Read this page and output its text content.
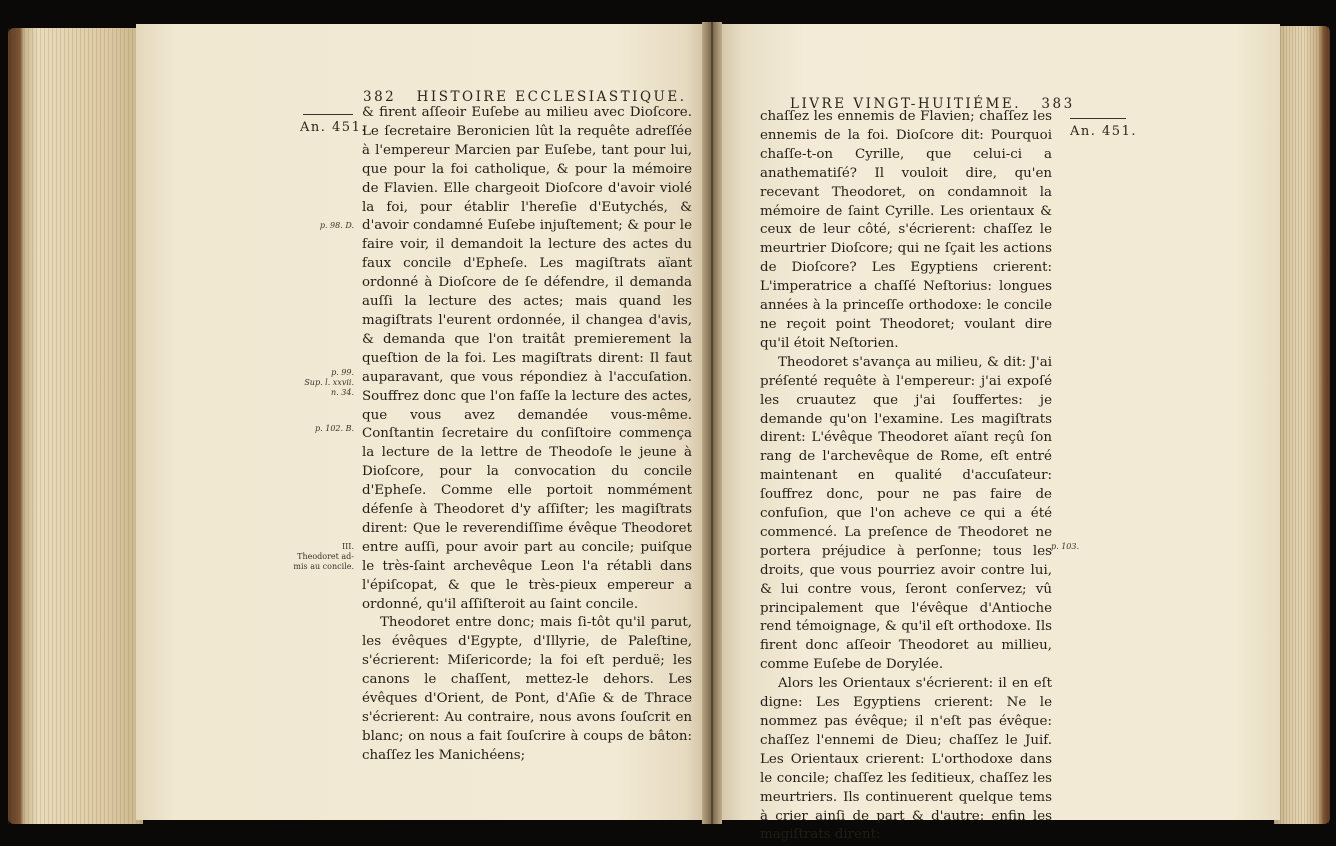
382 HISTOIRE ECCLESIASTIQUE.
An. 451.
p. 98. D.
p. 99.
Sup. l. xxvii.
n. 34.
p. 102. B.
III.
Theodoret ad-
mis au concile.

& firent aſſeoir Euſebe au milieu avec Dioſcore. Le ſecretaire Beronicien lût la requête adreſſée à l'empereur Marcien par Euſebe, tant pour lui, que pour la foi catholique, & pour la mémoire de Flavien. Elle chargeoit Dioſcore d'avoir violé la foi, pour établir l'hereſie d'Eutychés, & d'avoir condamné Euſebe injuſtement; & pour le faire voir, il demandoit la lecture des actes du faux concile d'Epheſe. Les magiſtrats aïant ordonné à Dioſcore de ſe défendre, il demanda auſſi la lecture des actes; mais quand les magiſtrats l'eurent ordonnée, il changea d'avis, & demanda que l'on traitât premierement la queſtion de la foi. Les magiſtrats dirent: Il faut auparavant, que vous répondiez à l'accuſation. Souffrez donc que l'on faſſe la lecture des actes, que vous avez demandée vous-même. Conſtantin ſecretaire du conſiſtoire commença la lecture de la lettre de Theodoſe le jeune à Dioſcore, pour la convocation du concile d'Epheſe. Comme elle portoit nommément défenſe à Theodoret d'y aſſiſter; les magiſtrats dirent: Que le reverendiſſime évêque Theodoret entre auſſi, pour avoir part au concile; puiſque le très-ſaint archevêque Leon l'a rétabli dans l'épiſcopat, & que le très-pieux empereur a ordonné, qu'il aſſiſteroit au ſaint concile.

Theodoret entre donc; mais ſi-tôt qu'il parut, les évêques d'Egypte, d'Illyrie, de Paleſtine, s'écrierent: Miſericorde; la foi eſt perduë; les canons le chaſſent, mettez-le dehors. Les évêques d'Orient, de Pont, d'Aſie & de Thrace s'écrierent: Au contraire, nous avons ſouſcrit en blanc; on nous a fait ſouſcrire à coups de bâton: chaſſez les Manichéens;

LIVRE VINGT-HUITIÉME. 383
An. 451.
p. 103.

chaſſez les ennemis de Flavien; chaſſez les ennemis de la foi. Dioſcore dit: Pourquoi chaſſe-t-on Cyrille, que celui-ci a anathematiſé? Il vouloit dire, qu'en recevant Theodoret, on condamnoit la mémoire de ſaint Cyrille. Les orientaux & ceux de leur côté, s'écrierent: chaſſez le meurtrier Dioſcore; qui ne ſçait les actions de Dioſcore? Les Egyptiens crierent: L'imperatrice a chaſſé Neſtorius: longues années à la princeſſe orthodoxe: le concile ne reçoit point Theodoret; voulant dire qu'il étoit Neſtorien.

Theodoret s'avança au milieu, & dit: J'ai préſenté requête à l'empereur: j'ai expoſé les cruautez que j'ai ſouffertes: je demande qu'on l'examine. Les magiſtrats dirent: L'évêque Theodoret aïant reçû ſon rang de l'archevêque de Rome, eſt entré maintenant en qualité d'accuſateur: ſouffrez donc, pour ne pas faire de confuſion, que l'on acheve ce qui a été commencé. La preſence de Theodoret ne portera préjudice à perſonne; tous les droits, que vous pourriez avoir contre lui, & lui contre vous, ſeront conſervez; vû principalement que l'évêque d'Antioche rend témoignage, & qu'il eſt orthodoxe. Ils firent donc aſſeoir Theodoret au millieu, comme Euſebe de Dorylée.

Alors les Orientaux s'écrierent: il en eſt digne: Les Egyptiens crierent: Ne le nommez pas évêque; il n'eſt pas évêque: chaſſez l'ennemi de Dieu; chaſſez le Juif. Les Orientaux crierent: L'orthodoxe dans le concile; chaſſez les ſeditieux, chaſſez les meurtriers. Ils continuerent quelque tems à crier ainſi de part & d'autre: enfin les magiſtrats dirent:
